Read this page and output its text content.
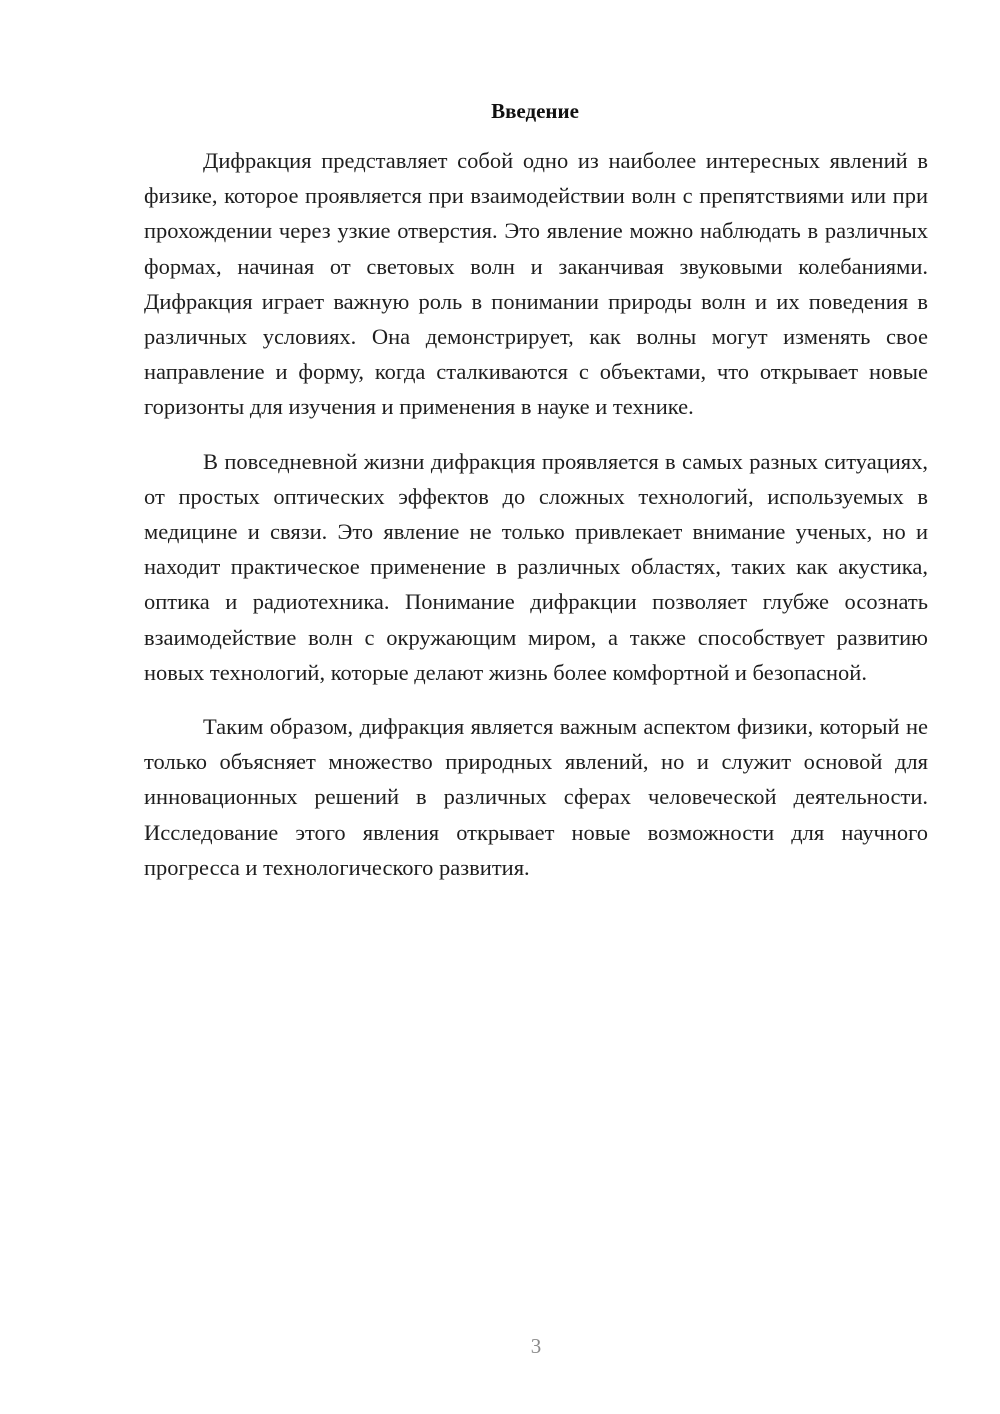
Введение

Дифракция представляет собой одно из наиболее интересных явлений в физике, которое проявляется при взаимодействии волн с препятствиями или при прохождении через узкие отверстия. Это явление можно наблюдать в различных формах, начиная от световых волн и заканчивая звуковыми колебаниями. Дифракция играет важную роль в понимании природы волн и их поведения в различных условиях. Она демонстрирует, как волны могут изменять свое направление и форму, когда сталкиваются с объектами, что открывает новые горизонты для изучения и применения в науке и технике.

В повседневной жизни дифракция проявляется в самых разных ситуациях, от простых оптических эффектов до сложных технологий, используемых в медицине и связи. Это явление не только привлекает внимание ученых, но и находит практическое применение в различных областях, таких как акустика, оптика и радиотехника. Понимание дифракции позволяет глубже осознать взаимодействие волн с окружающим миром, а также способствует развитию новых технологий, которые делают жизнь более комфортной и безопасной.

Таким образом, дифракция является важным аспектом физики, который не только объясняет множество природных явлений, но и служит основой для инновационных решений в различных сферах человеческой деятельности. Исследование этого явления открывает новые возможности для научного прогресса и технологического развития.

3
